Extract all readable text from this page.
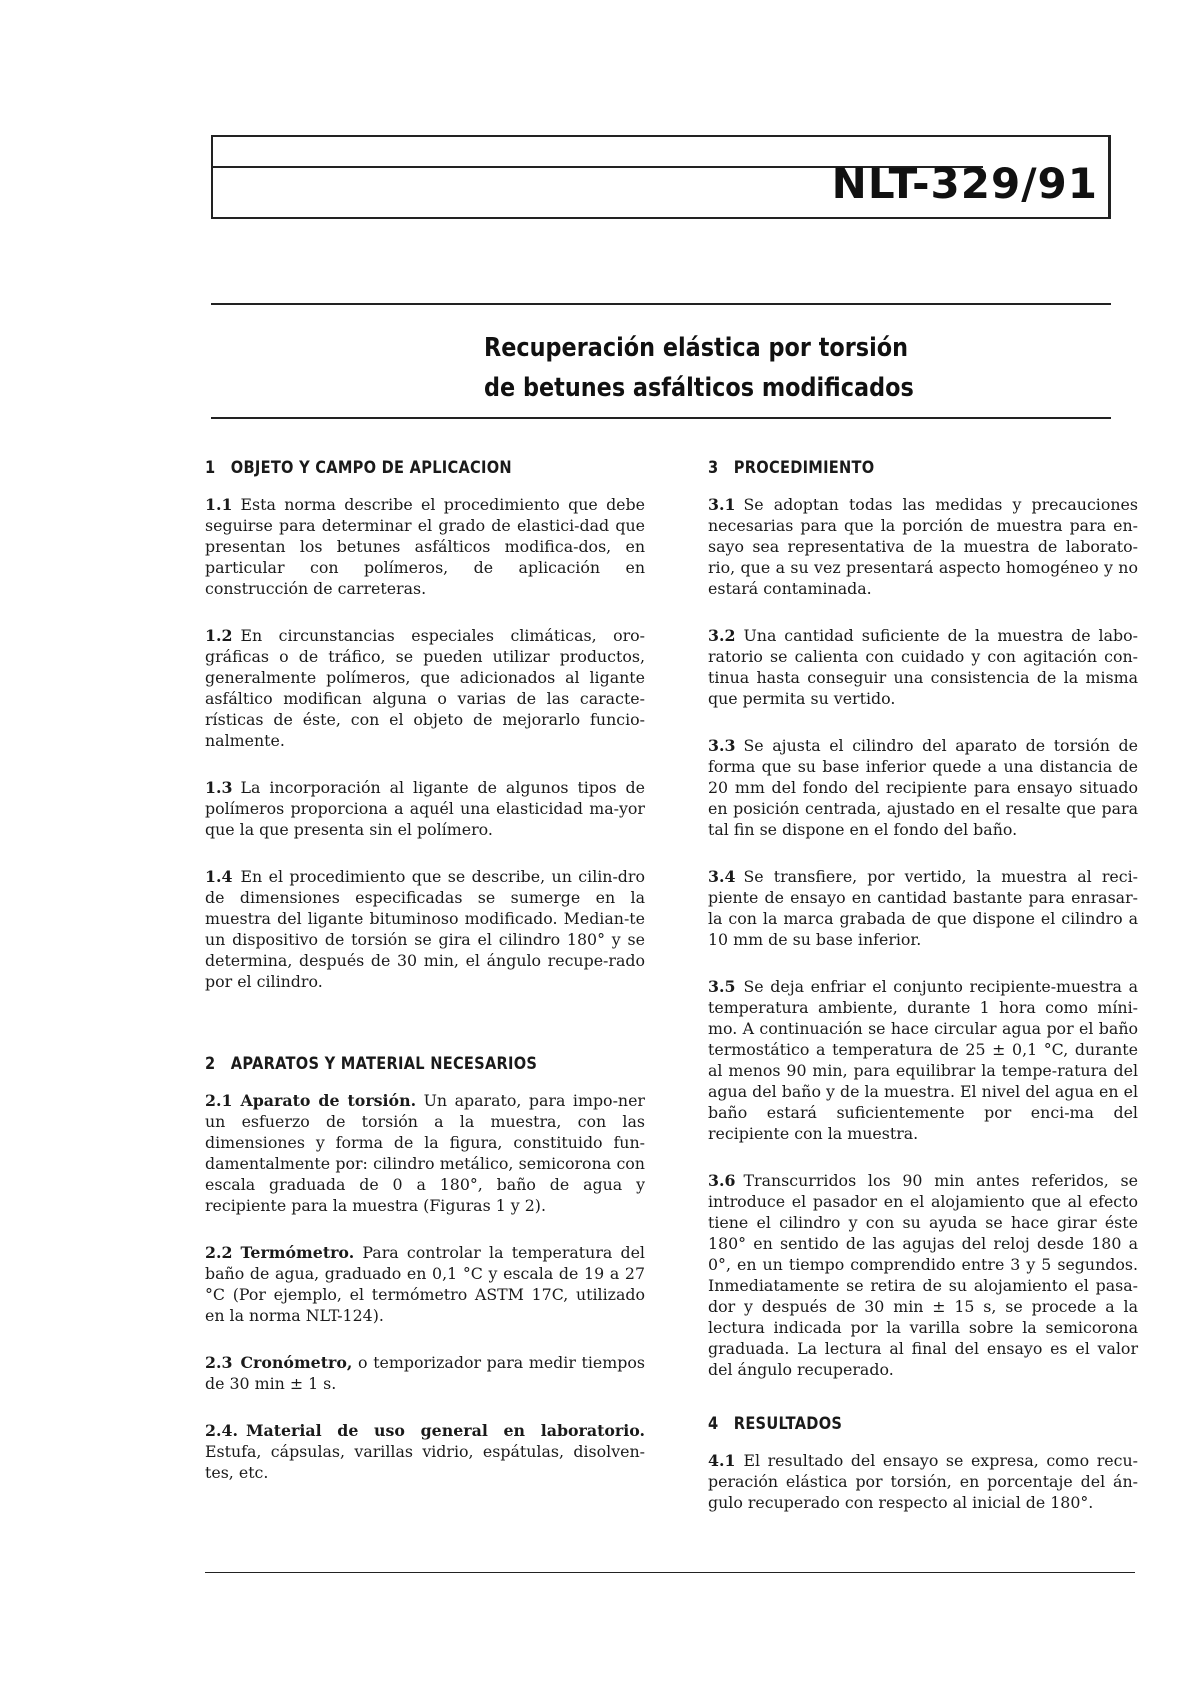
NLT-329/91
Recuperación elástica por torsión
de betunes asfálticos modificados
1 OBJETO Y CAMPO DE APLICACION

1.1 Esta norma describe el procedimiento que debe seguirse para determinar el grado de elastici-dad que presentan los betunes asfálticos modifica-dos, en particular con polímeros, de aplicación en construcción de carreteras.

1.2 En circunstancias especiales climáticas, oro-gráficas o de tráfico, se pueden utilizar productos, generalmente polímeros, que adicionados al ligante asfáltico modifican alguna o varias de las caracte-rísticas de éste, con el objeto de mejorarlo funcio-nalmente.

1.3 La incorporación al ligante de algunos tipos de polímeros proporciona a aquél una elasticidad ma-yor que la que presenta sin el polímero.

1.4 En el procedimiento que se describe, un cilin-dro de dimensiones especificadas se sumerge en la muestra del ligante bituminoso modificado. Median-te un dispositivo de torsión se gira el cilindro 180° y se determina, después de 30 min, el ángulo recupe-rado por el cilindro.

2 APARATOS Y MATERIAL NECESARIOS

2.1 Aparato de torsión. Un aparato, para impo-ner un esfuerzo de torsión a la muestra, con las dimensiones y forma de la figura, constituido fun-damentalmente por: cilindro metálico, semicorona con escala graduada de 0 a 180°, baño de agua y recipiente para la muestra (Figuras 1 y 2).

2.2 Termómetro. Para controlar la temperatura del baño de agua, graduado en 0,1 °C y escala de 19 a 27 °C (Por ejemplo, el termómetro ASTM 17C, utilizado en la norma NLT-124).

2.3 Cronómetro, o temporizador para medir tiempos de 30 min ± 1 s.

2.4. Material de uso general en laboratorio. Estufa, cápsulas, varillas vidrio, espátulas, disolven-tes, etc.

3 PROCEDIMIENTO

3.1 Se adoptan todas las medidas y precauciones necesarias para que la porción de muestra para en-sayo sea representativa de la muestra de laborato-rio, que a su vez presentará aspecto homogéneo y no estará contaminada.

3.2 Una cantidad suficiente de la muestra de labo-ratorio se calienta con cuidado y con agitación con-tinua hasta conseguir una consistencia de la misma que permita su vertido.

3.3 Se ajusta el cilindro del aparato de torsión de forma que su base inferior quede a una distancia de 20 mm del fondo del recipiente para ensayo situado en posición centrada, ajustado en el resalte que para tal fin se dispone en el fondo del baño.

3.4 Se transfiere, por vertido, la muestra al reci-piente de ensayo en cantidad bastante para enrasar-la con la marca grabada de que dispone el cilindro a 10 mm de su base inferior.

3.5 Se deja enfriar el conjunto recipiente-muestra a temperatura ambiente, durante 1 hora como míni-mo. A continuación se hace circular agua por el baño termostático a temperatura de 25 ± 0,1 °C, durante al menos 90 min, para equilibrar la tempe-ratura del agua del baño y de la muestra. El nivel del agua en el baño estará suficientemente por enci-ma del recipiente con la muestra.

3.6 Transcurridos los 90 min antes referidos, se introduce el pasador en el alojamiento que al efecto tiene el cilindro y con su ayuda se hace girar éste 180° en sentido de las agujas del reloj desde 180 a 0°, en un tiempo comprendido entre 3 y 5 segundos. Inmediatamente se retira de su alojamiento el pasa-dor y después de 30 min ± 15 s, se procede a la lectura indicada por la varilla sobre la semicorona graduada. La lectura al final del ensayo es el valor del ángulo recuperado.

4 RESULTADOS

4.1 El resultado del ensayo se expresa, como recu-peración elástica por torsión, en porcentaje del án-gulo recuperado con respecto al inicial de 180°.
